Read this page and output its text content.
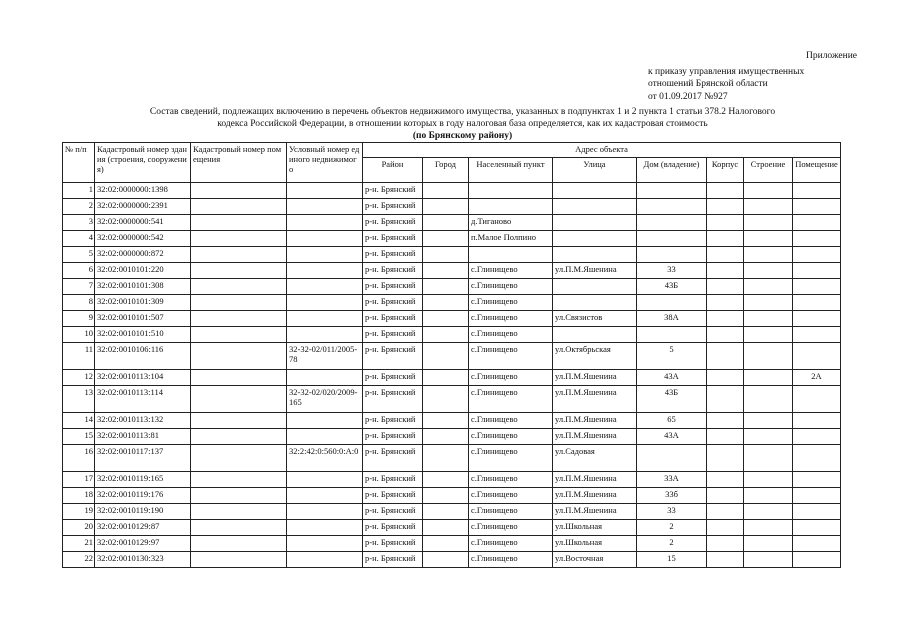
Приложение
к приказу управления имущественных
отношений Брянской области
от 01.09.2017 №927
Состав сведений, подлежащих включению в перечень объектов недвижимого имущества, указанных в подпунктах 1 и 2 пункта 1 статьи 378.2 Налогового
кодекса Российской Федерации, в отношении которых в году налоговая база определяется, как их кадастровая стоимость
(по Брянскому району)
№ п/п	Кадастровый номер здания (строения, сооружения)	Кадастровый номер помещения	Условный номер единого недвижимого	Адрес объекта							
				Район	Город	Населенный пункт	Улица	Дом (владение)	Корпус	Строение	Помещение
1	32:02:0000000:1398			р-н. Брянский							
2	32:02:0000000:2391			р-н. Брянский							
3	32:02:0000000:541			р-н. Брянский		д.Тиганово					
4	32:02:0000000:542			р-н. Брянский		п.Малое Полпино					
5	32:02:0000000:872			р-н. Брянский							
6	32:02:0010101:220			р-н. Брянский		с.Глинищево	ул.П.М.Яшенина	33			
7	32:02:0010101:308			р-н. Брянский		с.Глинищево		43Б			
8	32:02:0010101:309			р-н. Брянский		с.Глинищево					
9	32:02:0010101:507			р-н. Брянский		с.Глинищево	ул.Связистов	38А			
10	32:02:0010101:510			р-н. Брянский		с.Глинищево					
11	32:02:0010106:116		32-32-02/011/2005-78	р-н. Брянский		с.Глинищево	ул.Октябрьская	5			
12	32:02:0010113:104			р-н. Брянский		с.Глинищево	ул.П.М.Яшенина	43А			2А
13	32:02:0010113:114		32-32-02/020/2009-165	р-н. Брянский		с.Глинищево	ул.П.М.Яшенина	43Б			
14	32:02:0010113:132			р-н. Брянский		с.Глинищево	ул.П.М.Яшенина	65			
15	32:02:0010113:81			р-н. Брянский		с.Глинищево	ул.П.М.Яшенина	43А			
16	32:02:0010117:137		32:2:42:0:560:0:А:0	р-н. Брянский		с.Глинищево	ул.Садовая				
17	32:02:0010119:165			р-н. Брянский		с.Глинищево	ул.П.М.Яшенина	33А			
18	32:02:0010119:176			р-н. Брянский		с.Глинищево	ул.П.М.Яшенина	33б			
19	32:02:0010119:190			р-н. Брянский		с.Глинищево	ул.П.М.Яшенина	33			
20	32:02:0010129:87			р-н. Брянский		с.Глинищево	ул.Школьная	2			
21	32:02:0010129:97			р-н. Брянский		с.Глинищево	ул.Школьная	2			
22	32:02:0010130:323			р-н. Брянский		с.Глинищево	ул.Восточная	15			
